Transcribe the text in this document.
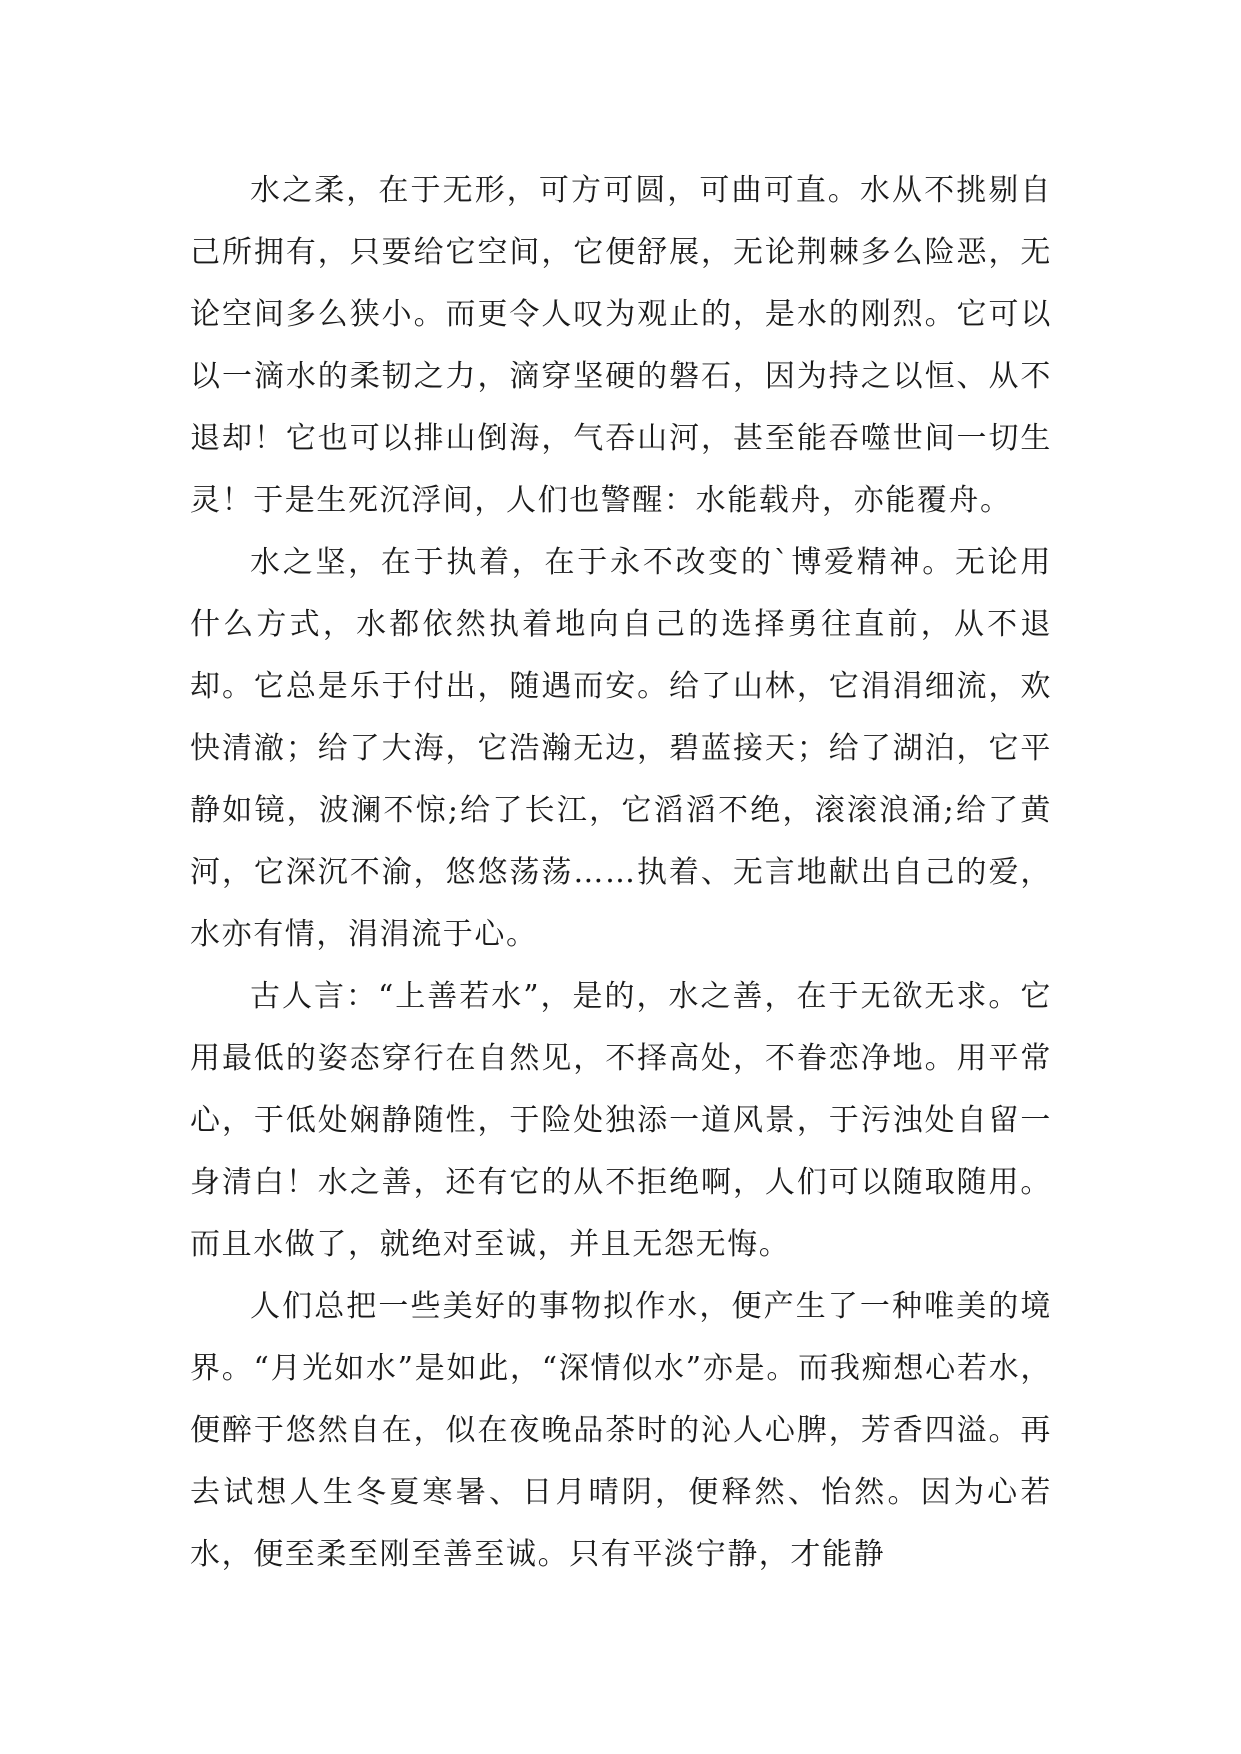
水之柔，在于无形，可方可圆，可曲可直。水从不挑剔自己所拥有，只要给它空间，它便舒展，无论荆棘多么险恶，无论空间多么狭小。而更令人叹为观止的，是水的刚烈。它可以以一滴水的柔韧之力，滴穿坚硬的磐石，因为持之以恒、从不退却！它也可以排山倒海，气吞山河，甚至能吞噬世间一切生灵！于是生死沉浮间，人们也警醒：水能载舟，亦能覆舟。

水之坚，在于执着，在于永不改变的`博爱精神。无论用什么方式，水都依然执着地向自己的选择勇往直前，从不退却。它总是乐于付出，随遇而安。给了山林，它涓涓细流，欢快清澈；给了大海，它浩瀚无边，碧蓝接天；给了湖泊，它平静如镜，波澜不惊;给了长江，它滔滔不绝，滚滚浪涌;给了黄河，它深沉不渝，悠悠荡荡……执着、无言地献出自己的爱，水亦有情，涓涓流于心。

古人言：“上善若水”，是的，水之善，在于无欲无求。它用最低的姿态穿行在自然见，不择高处，不眷恋净地。用平常心，于低处娴静随性，于险处独添一道风景，于污浊处自留一身清白！水之善，还有它的从不拒绝啊，人们可以随取随用。而且水做了，就绝对至诚，并且无怨无悔。

人们总把一些美好的事物拟作水，便产生了一种唯美的境界。“月光如水”是如此，“深情似水”亦是。而我痴想心若水，便醉于悠然自在，似在夜晚品茶时的沁人心脾，芳香四溢。再去试想人生冬夏寒暑、日月晴阴，便释然、怡然。因为心若水，便至柔至刚至善至诚。只有平淡宁静，才能静
